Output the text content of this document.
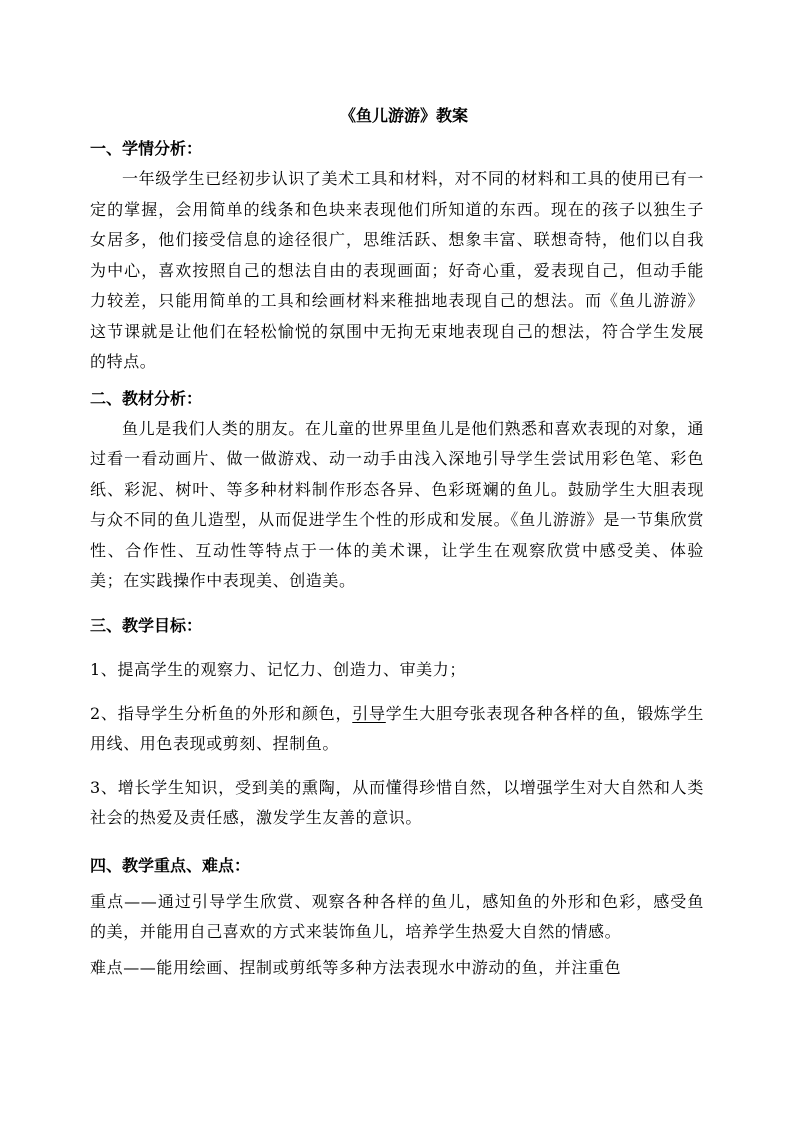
《鱼儿游游》教案

一、学情分析：

一年级学生已经初步认识了美术工具和材料，对不同的材料和工具的使用已有一定的掌握，会用简单的线条和色块来表现他们所知道的东西。现在的孩子以独生子女居多，他们接受信息的途径很广，思维活跃、想象丰富、联想奇特，他们以自我为中心，喜欢按照自己的想法自由的表现画面；好奇心重，爱表现自己，但动手能力较差，只能用简单的工具和绘画材料来稚拙地表现自己的想法。而《鱼儿游游》这节课就是让他们在轻松愉悦的氛围中无拘无束地表现自己的想法，符合学生发展的特点。

二、教材分析：

鱼儿是我们人类的朋友。在儿童的世界里鱼儿是他们熟悉和喜欢表现的对象，通过看一看动画片、做一做游戏、动一动手由浅入深地引导学生尝试用彩色笔、彩色纸、彩泥、树叶、等多种材料制作形态各异、色彩斑斓的鱼儿。鼓励学生大胆表现与众不同的鱼儿造型，从而促进学生个性的形成和发展。《鱼儿游游》是一节集欣赏性、合作性、互动性等特点于一体的美术课，让学生在观察欣赏中感受美、体验美；在实践操作中表现美、创造美。

三、教学目标：

1、提高学生的观察力、记忆力、创造力、审美力；

2、指导学生分析鱼的外形和颜色，引导学生大胆夸张表现各种各样的鱼，锻炼学生用线、用色表现或剪刻、捏制鱼。

3、增长学生知识，受到美的熏陶，从而懂得珍惜自然，以增强学生对大自然和人类社会的热爱及责任感，激发学生友善的意识。

四、教学重点、难点：

重点——通过引导学生欣赏、观察各种各样的鱼儿，感知鱼的外形和色彩，感受鱼的美，并能用自己喜欢的方式来装饰鱼儿，培养学生热爱大自然的情感。

难点——能用绘画、捏制或剪纸等多种方法表现水中游动的鱼，并注重色
